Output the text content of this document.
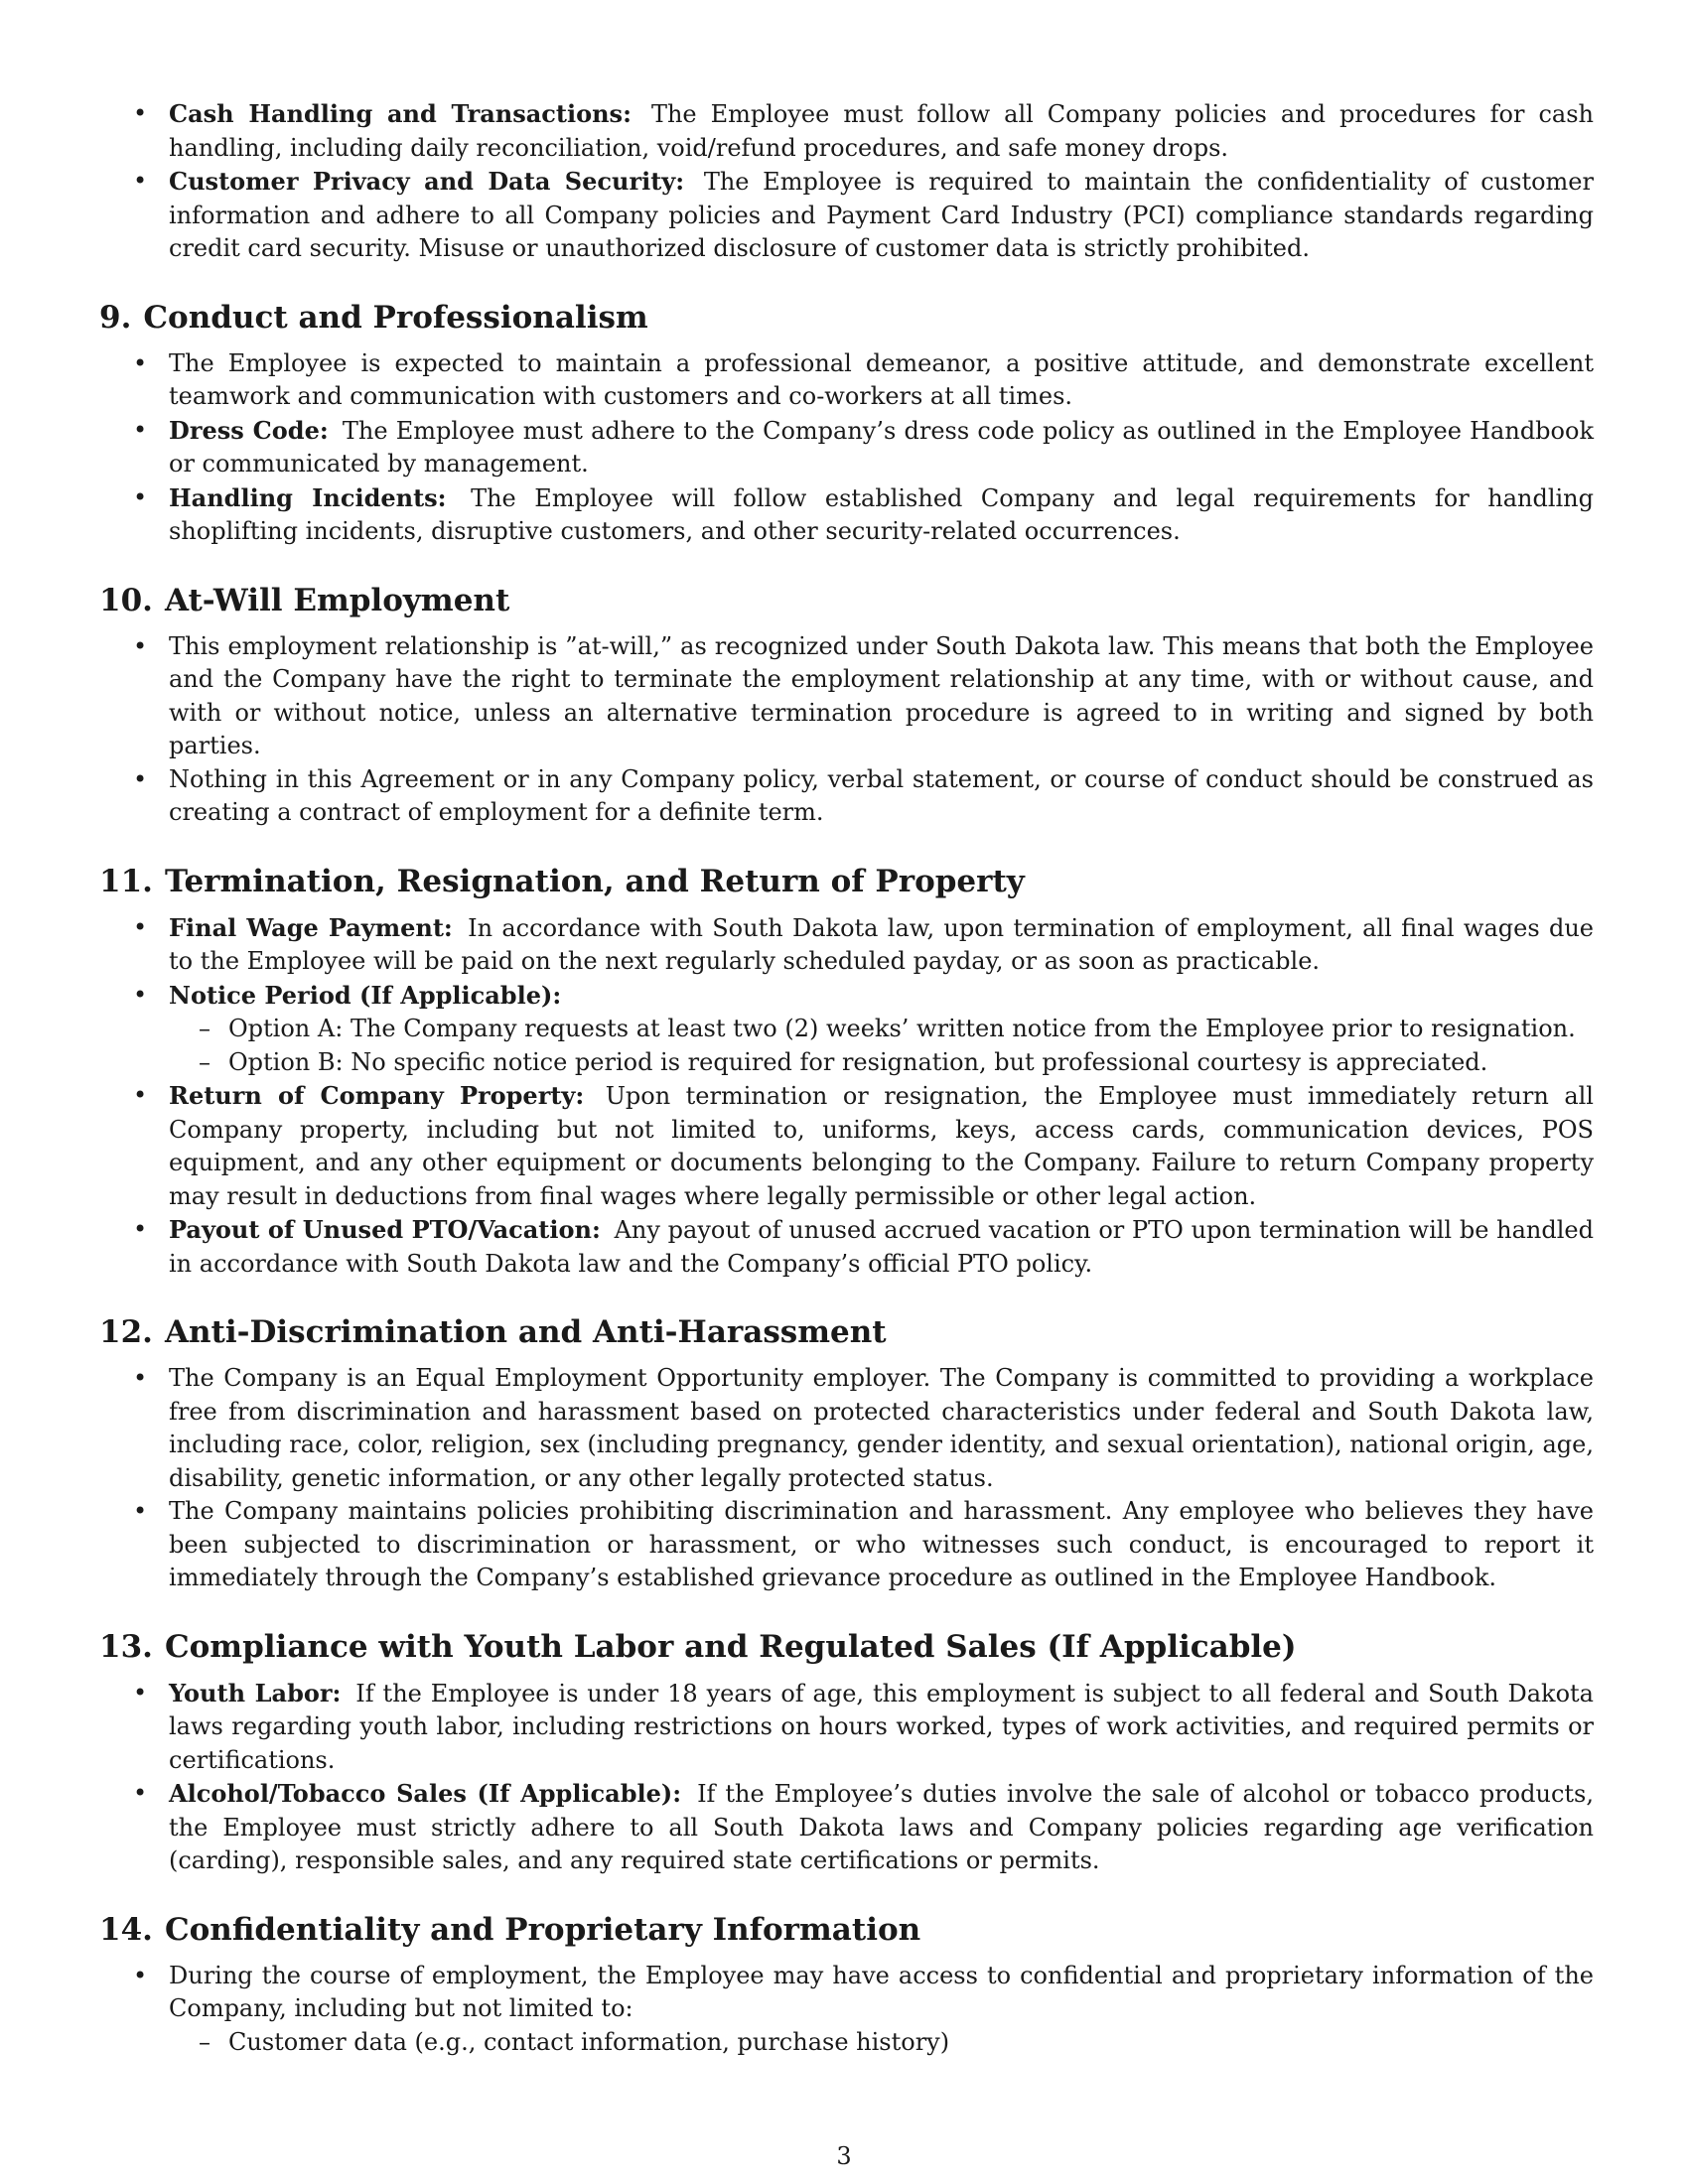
• Cash Handling and Transactions: The Employee must follow all Company policies and procedures for cash handling, including daily reconciliation, void/refund procedures, and safe money drops.
• Customer Privacy and Data Security: The Employee is required to maintain the confidentiality of customer information and adhere to all Company policies and Payment Card Industry (PCI) compliance standards regarding credit card security. Misuse or unauthorized disclosure of customer data is strictly prohibited.
9. Conduct and Professionalism
• The Employee is expected to maintain a professional demeanor, a positive attitude, and demonstrate excellent teamwork and communication with customers and co-workers at all times.
• Dress Code: The Employee must adhere to the Company’s dress code policy as outlined in the Employee Handbook or communicated by management.
• Handling Incidents: The Employee will follow established Company and legal requirements for handling shoplifting incidents, disruptive customers, and other security-related occurrences.
10. At-Will Employment
• This employment relationship is ”at-will,” as recognized under South Dakota law. This means that both the Employee and the Company have the right to terminate the employment relationship at any time, with or without cause, and with or without notice, unless an alternative termination procedure is agreed to in writing and signed by both parties.
• Nothing in this Agreement or in any Company policy, verbal statement, or course of conduct should be construed as creating a contract of employment for a definite term.
11. Termination, Resignation, and Return of Property
• Final Wage Payment: In accordance with South Dakota law, upon termination of employment, all final wages due to the Employee will be paid on the next regularly scheduled payday, or as soon as practicable.
• Notice Period (If Applicable):
– Option A: The Company requests at least two (2) weeks’ written notice from the Employee prior to resignation.
– Option B: No specific notice period is required for resignation, but professional courtesy is appreciated.
• Return of Company Property: Upon termination or resignation, the Employee must immediately return all Company property, including but not limited to, uniforms, keys, access cards, communication devices, POS equipment, and any other equipment or documents belonging to the Company. Failure to return Company property may result in deductions from final wages where legally permissible or other legal action.
• Payout of Unused PTO/Vacation: Any payout of unused accrued vacation or PTO upon termination will be handled in accordance with South Dakota law and the Company’s official PTO policy.
12. Anti-Discrimination and Anti-Harassment
• The Company is an Equal Employment Opportunity employer. The Company is committed to providing a workplace free from discrimination and harassment based on protected characteristics under federal and South Dakota law, including race, color, religion, sex (including pregnancy, gender identity, and sexual orientation), national origin, age, disability, genetic information, or any other legally protected status.
• The Company maintains policies prohibiting discrimination and harassment. Any employee who believes they have been subjected to discrimination or harassment, or who witnesses such conduct, is encouraged to report it immediately through the Company’s established grievance procedure as outlined in the Employee Handbook.
13. Compliance with Youth Labor and Regulated Sales (If Applicable)
• Youth Labor: If the Employee is under 18 years of age, this employment is subject to all federal and South Dakota laws regarding youth labor, including restrictions on hours worked, types of work activities, and required permits or certifications.
• Alcohol/Tobacco Sales (If Applicable): If the Employee’s duties involve the sale of alcohol or tobacco products, the Employee must strictly adhere to all South Dakota laws and Company policies regarding age verification (carding), responsible sales, and any required state certifications or permits.
14. Confidentiality and Proprietary Information
• During the course of employment, the Employee may have access to confidential and proprietary information of the Company, including but not limited to:
– Customer data (e.g., contact information, purchase history)
3
